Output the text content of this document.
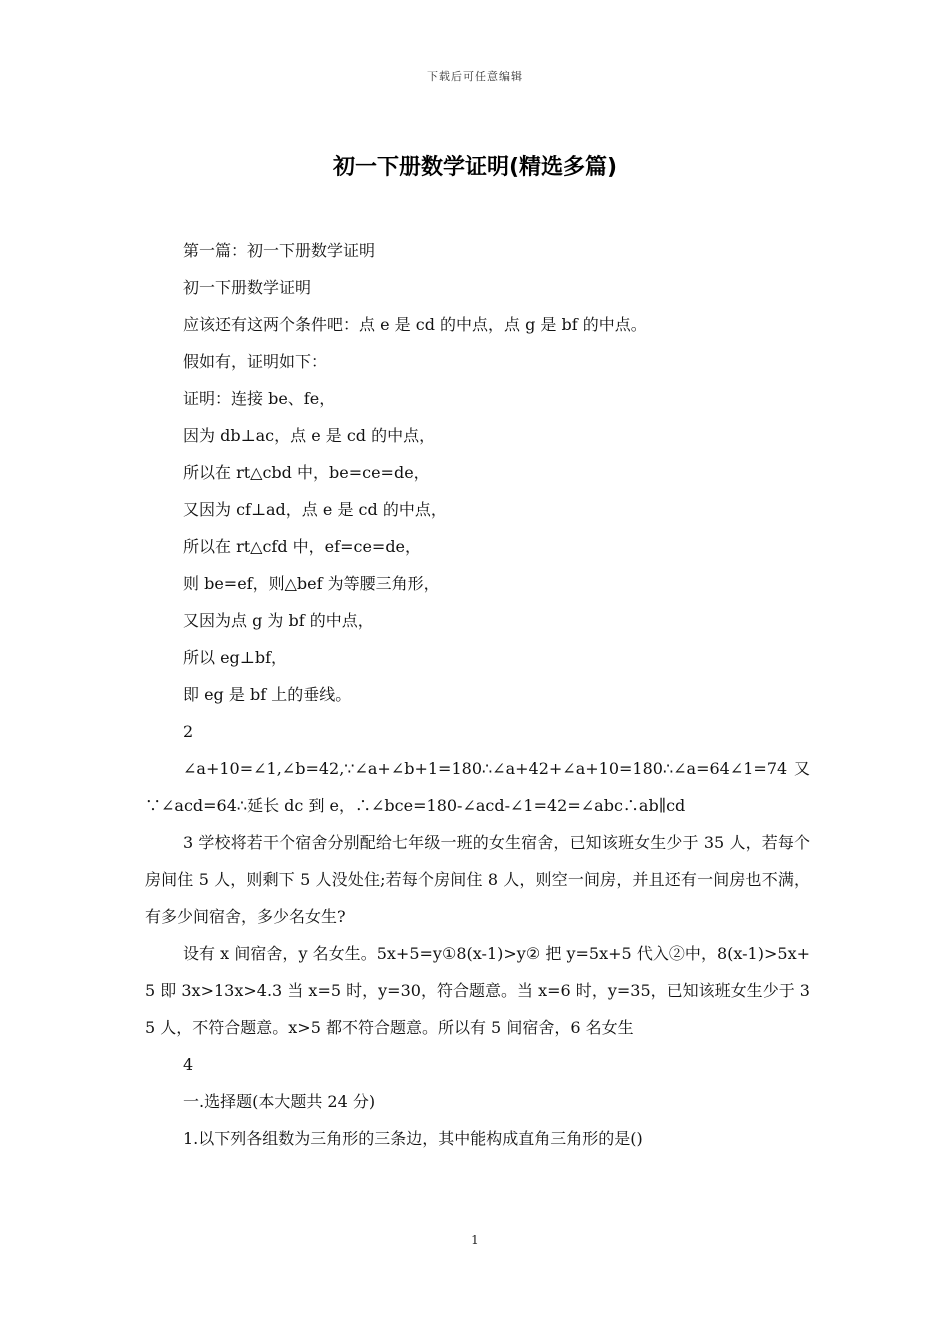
下载后可任意编辑
初一下册数学证明(精选多篇)
第一篇：初一下册数学证明
初一下册数学证明
应该还有这两个条件吧：点 e 是 cd 的中点，点 g 是 bf 的中点。
假如有，证明如下：
证明：连接 be、fe，
因为 db⊥ac，点 e 是 cd 的中点，
所以在 rt△cbd 中，be=ce=de，
又因为 cf⊥ad，点 e 是 cd 的中点，
所以在 rt△cfd 中，ef=ce=de，
则 be=ef，则△bef 为等腰三角形，
又因为点 g 为 bf 的中点，
所以 eg⊥bf，
即 eg 是 bf 上的垂线。
2
∠a+10=∠1,∠b=42,∵∠a+∠b+1=180∴∠a+42+∠a+10=180∴∠a=64∠1=74 又∵∠acd=64∴延长 dc 到 e，∴∠bce=180-∠acd-∠1=42=∠abc∴ab∥cd
3 学校将若干个宿舍分别配给七年级一班的女生宿舍，已知该班女生少于 35 人，若每个房间住 5 人，则剩下 5 人没处住;若每个房间住 8 人，则空一间房，并且还有一间房也不满，有多少间宿舍，多少名女生?
设有 x 间宿舍，y 名女生。5x+5=y①8(x-1)>y② 把 y=5x+5 代入②中，8(x-1)>5x+5 即 3x>13x>4.3 当 x=5 时，y=30，符合题意。当 x=6 时，y=35，已知该班女生少于 35 人，不符合题意。x>5 都不符合题意。所以有 5 间宿舍，6 名女生
4
一.选择题(本大题共 24 分)
1.以下列各组数为三角形的三条边，其中能构成直角三角形的是()
1
